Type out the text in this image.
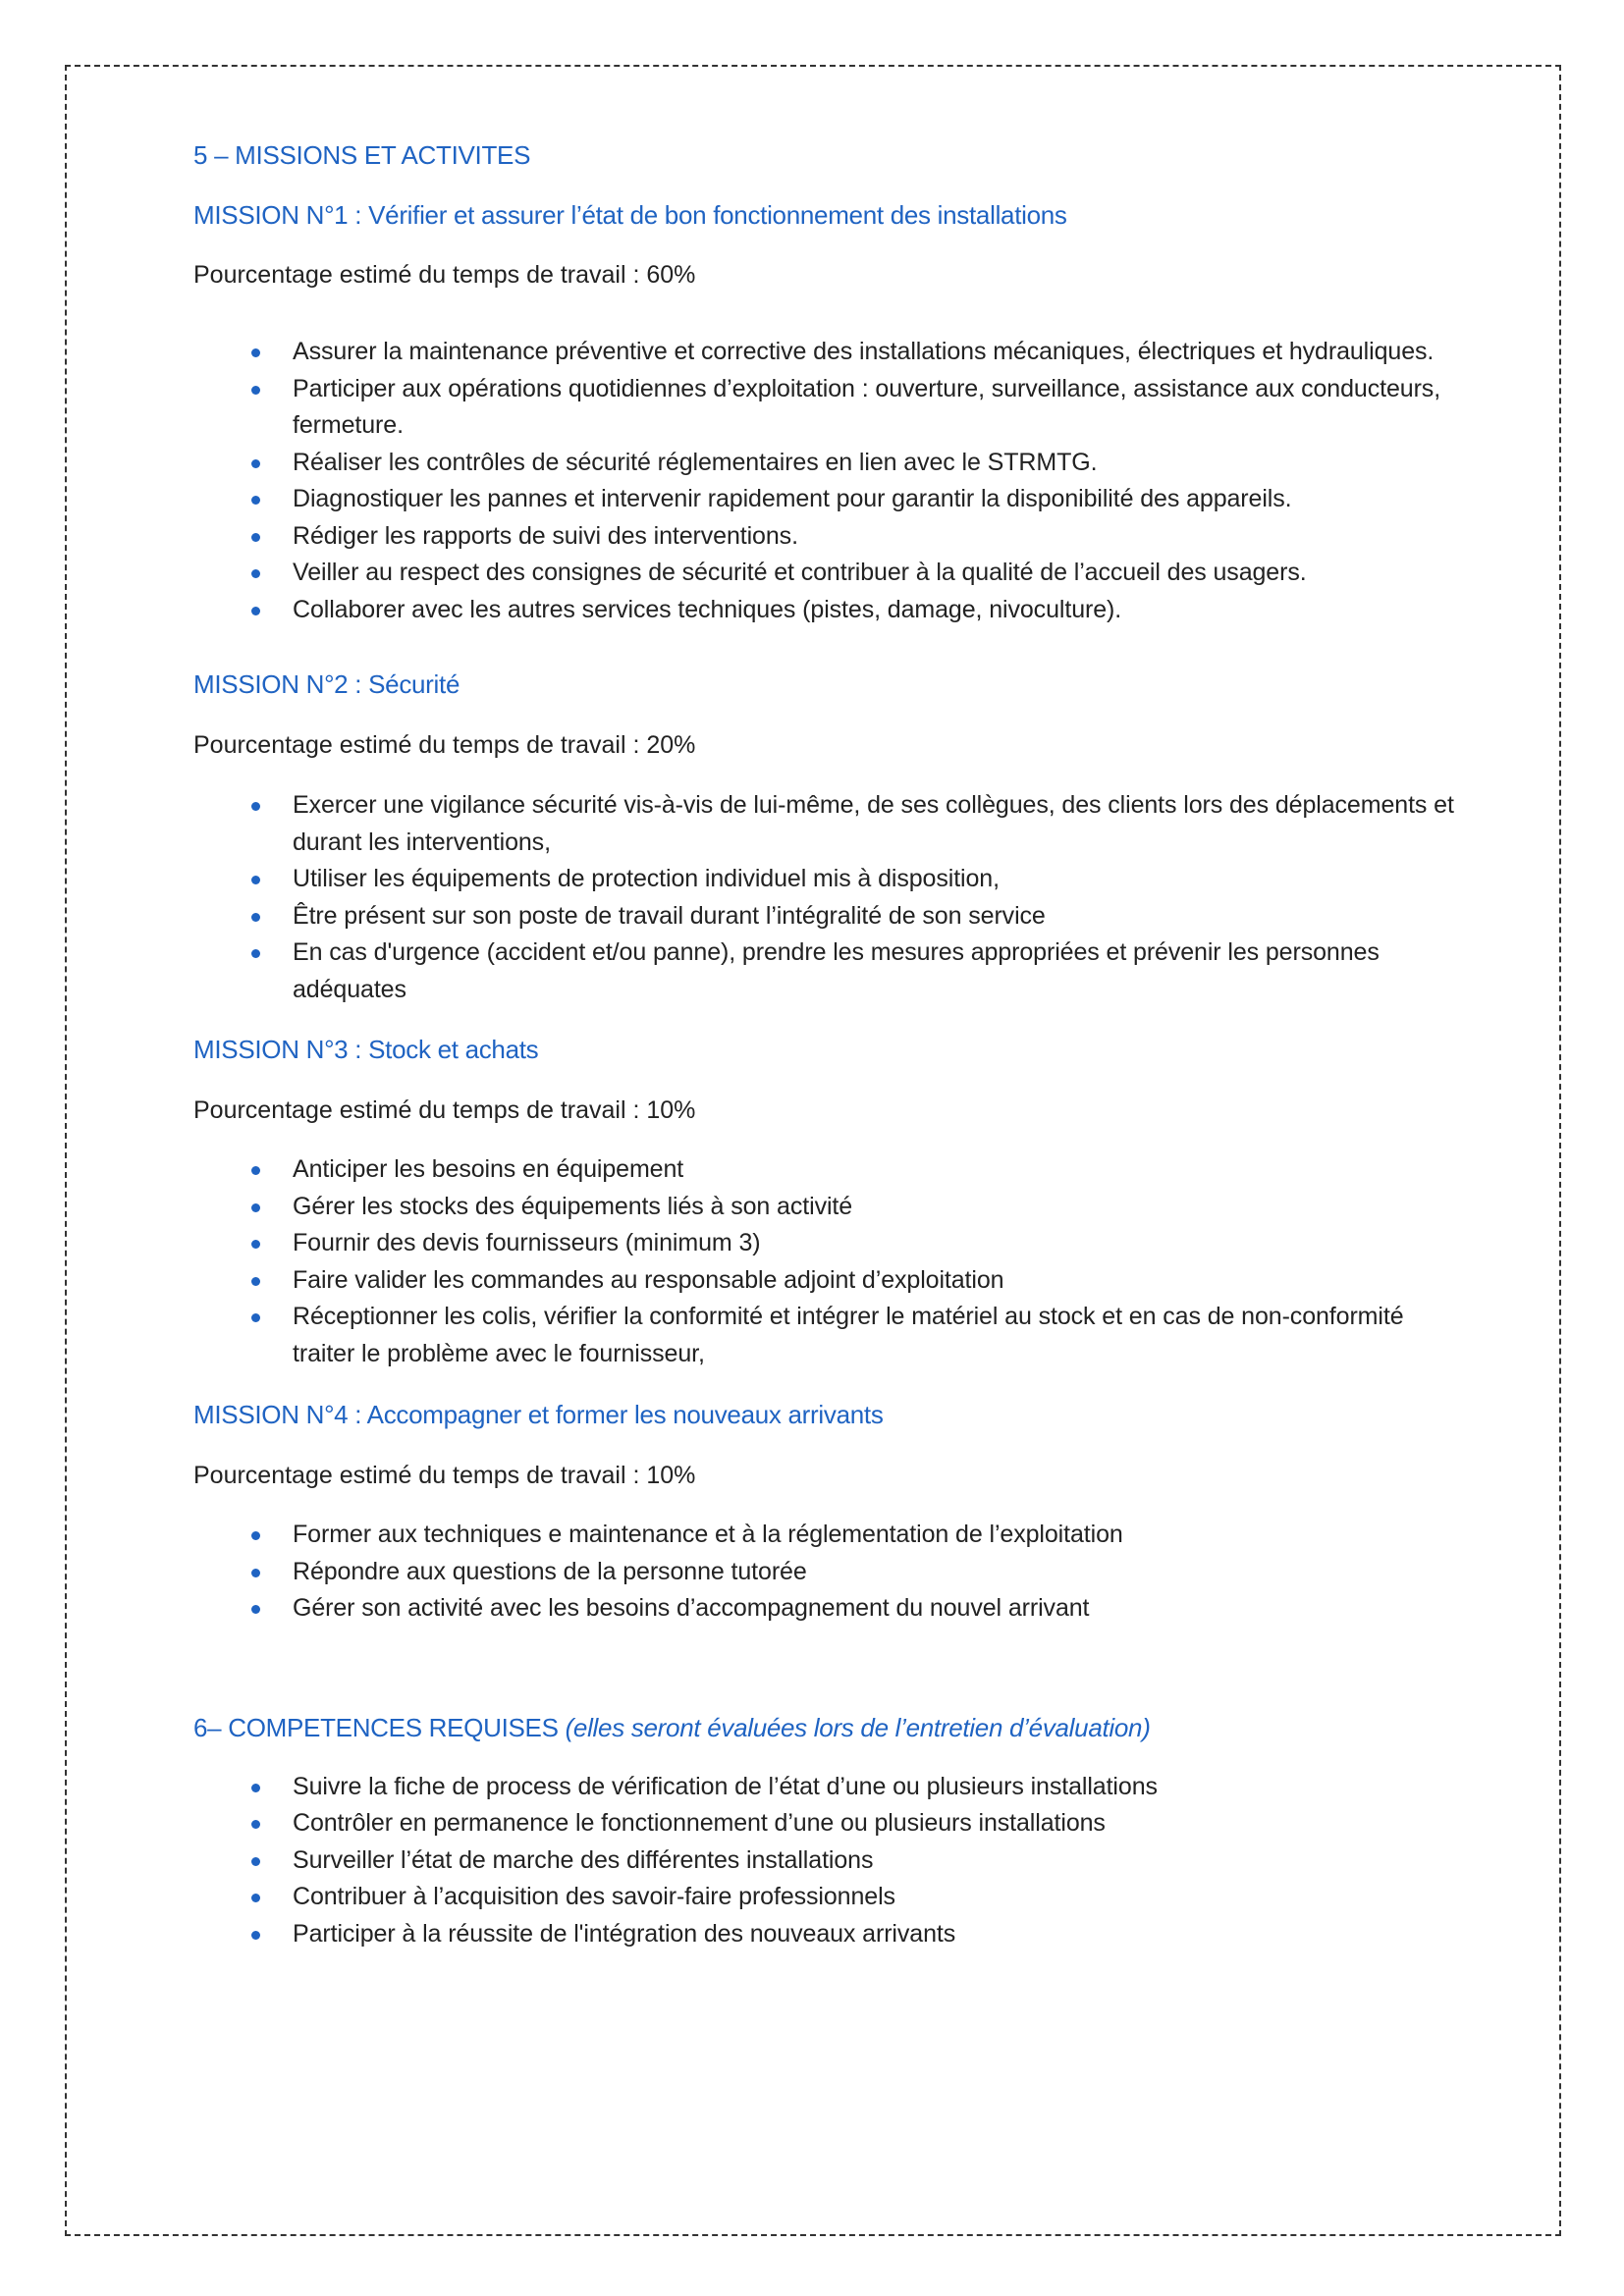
5 – MISSIONS ET ACTIVITES
MISSION N°1 : Vérifier et assurer l’état de bon fonctionnement des installations

Pourcentage estimé du temps de travail : 60%

Assurer la maintenance préventive et corrective des installations mécaniques, électriques et hydrauliques.
Participer aux opérations quotidiennes d’exploitation : ouverture, surveillance, assistance aux conducteurs, fermeture.
Réaliser les contrôles de sécurité réglementaires en lien avec le STRMTG.
Diagnostiquer les pannes et intervenir rapidement pour garantir la disponibilité des appareils.
Rédiger les rapports de suivi des interventions.
Veiller au respect des consignes de sécurité et contribuer à la qualité de l’accueil des usagers.
Collaborer avec les autres services techniques (pistes, damage, nivoculture).
MISSION N°2 : Sécurité

Pourcentage estimé du temps de travail : 20%

Exercer une vigilance sécurité vis-à-vis de lui-même, de ses collègues, des clients lors des déplacements et durant les interventions,
Utiliser les équipements de protection individuel mis à disposition,
Être présent sur son poste de travail durant l’intégralité de son service
En cas d'urgence (accident et/ou panne), prendre les mesures appropriées et prévenir les personnes adéquates
MISSION N°3 : Stock et achats

Pourcentage estimé du temps de travail : 10%

Anticiper les besoins en équipement
Gérer les stocks des équipements liés à son activité
Fournir des devis fournisseurs (minimum 3)
Faire valider les commandes au responsable adjoint d’exploitation
Réceptionner les colis, vérifier la conformité et intégrer le matériel au stock et en cas de non-conformité traiter le problème avec le fournisseur,
MISSION N°4 : Accompagner et former les nouveaux arrivants

Pourcentage estimé du temps de travail : 10%

Former aux techniques e maintenance et à la réglementation de l’exploitation
Répondre aux questions de la personne tutorée
Gérer son activité avec les besoins d’accompagnement du nouvel arrivant
6– COMPETENCES REQUISES (elles seront évaluées lors de l’entretien d’évaluation)
Suivre la fiche de process de vérification de l’état d’une ou plusieurs installations
Contrôler en permanence le fonctionnement d’une ou plusieurs installations
Surveiller l’état de marche des différentes installations
Contribuer à l’acquisition des savoir-faire professionnels
Participer à la réussite de l'intégration des nouveaux arrivants
